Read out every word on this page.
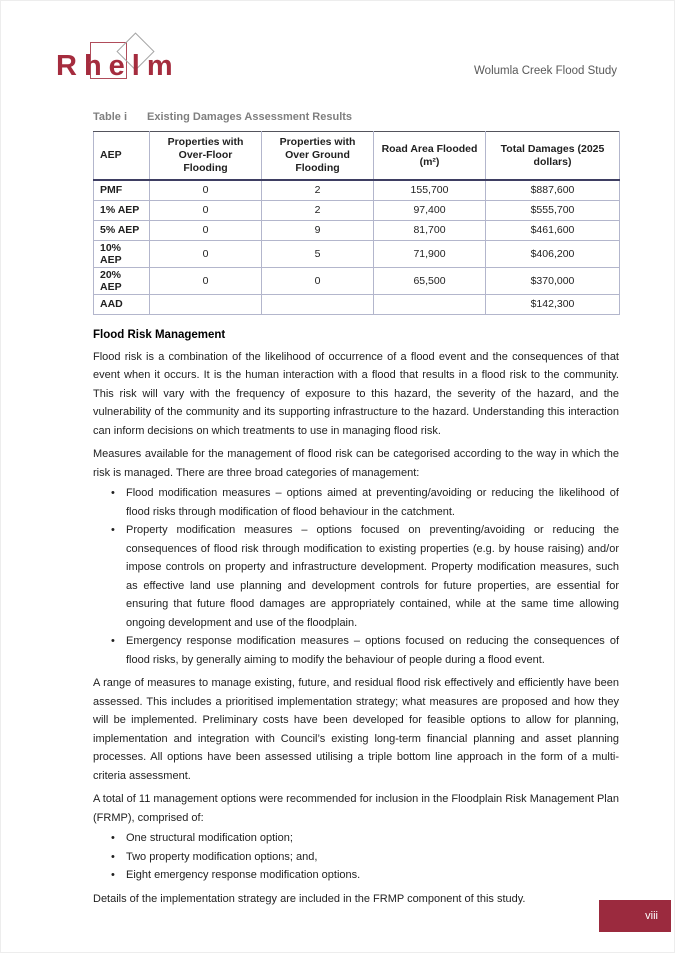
Rhelm	Wolumla Creek Flood Study
Table i Existing Damages Assessment Results
AEP	Properties with Over-Floor Flooding	Properties with Over Ground Flooding	Road Area Flooded (m²)	Total Damages (2025 dollars)
PMF	0	2	155,700	$887,600
1% AEP	0	2	97,400	$555,700
5% AEP	0	9	81,700	$461,600
10% AEP	0	5	71,900	$406,200
20% AEP	0	0	65,500	$370,000
AAD				$142,300
Flood Risk Management

Flood risk is a combination of the likelihood of occurrence of a flood event and the consequences of that event when it occurs. It is the human interaction with a flood that results in a flood risk to the community. This risk will vary with the frequency of exposure to this hazard, the severity of the hazard, and the vulnerability of the community and its supporting infrastructure to the hazard. Understanding this interaction can inform decisions on which treatments to use in managing flood risk.

Measures available for the management of flood risk can be categorised according to the way in which the risk is managed. There are three broad categories of management:

•	Flood modification measures – options aimed at preventing/avoiding or reducing the likelihood of flood risks through modification of flood behaviour in the catchment.
•	Property modification measures – options focused on preventing/avoiding or reducing the consequences of flood risk through modification to existing properties (e.g. by house raising) and/or impose controls on property and infrastructure development. Property modification measures, such as effective land use planning and development controls for future properties, are essential for ensuring that future flood damages are appropriately contained, while at the same time allowing ongoing development and use of the floodplain.
•	Emergency response modification measures – options focused on reducing the consequences of flood risks, by generally aiming to modify the behaviour of people during a flood event.

A range of measures to manage existing, future, and residual flood risk effectively and efficiently have been assessed. This includes a prioritised implementation strategy; what measures are proposed and how they will be implemented. Preliminary costs have been developed for feasible options to allow for planning, implementation and integration with Council’s existing long-term financial planning and asset planning processes. All options have been assessed utilising a triple bottom line approach in the form of a multi-criteria assessment.

A total of 11 management options were recommended for inclusion in the Floodplain Risk Management Plan (FRMP), comprised of:

•	One structural modification option;
•	Two property modification options; and,
•	Eight emergency response modification options.

Details of the implementation strategy are included in the FRMP component of this study.

viii
